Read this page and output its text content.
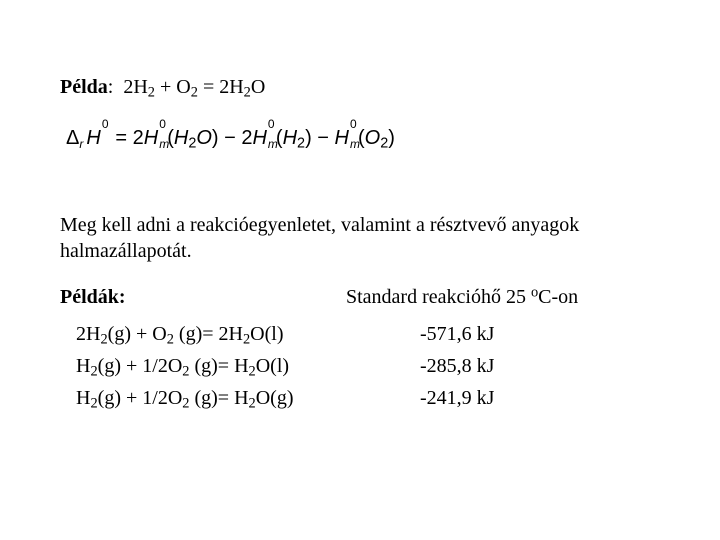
Példa: $2H_2 + O_2 = 2H_2O$
Δ r H
0
= 2H
0
m
$(H_2O) - 2H$
0
m
$(H_2) - H$
0
m
$(O_2)$
Meg kell adni a reakcióegyenletet, valamint a résztvevő anyagok halmazállapotát.
Példák:	Standard reakcióhő 25 $^o$C-on
$2H_2(g) + O_2$ $(g)= 2H_2O(l)$	-571,6 kJ
$H_2(g) + 1/2O_2$ $(g)= H_2O(l)$	-285,8 kJ
$H_2(g) + 1/2O_2$ $(g)= H_2O(g)$	-241,9 kJ
